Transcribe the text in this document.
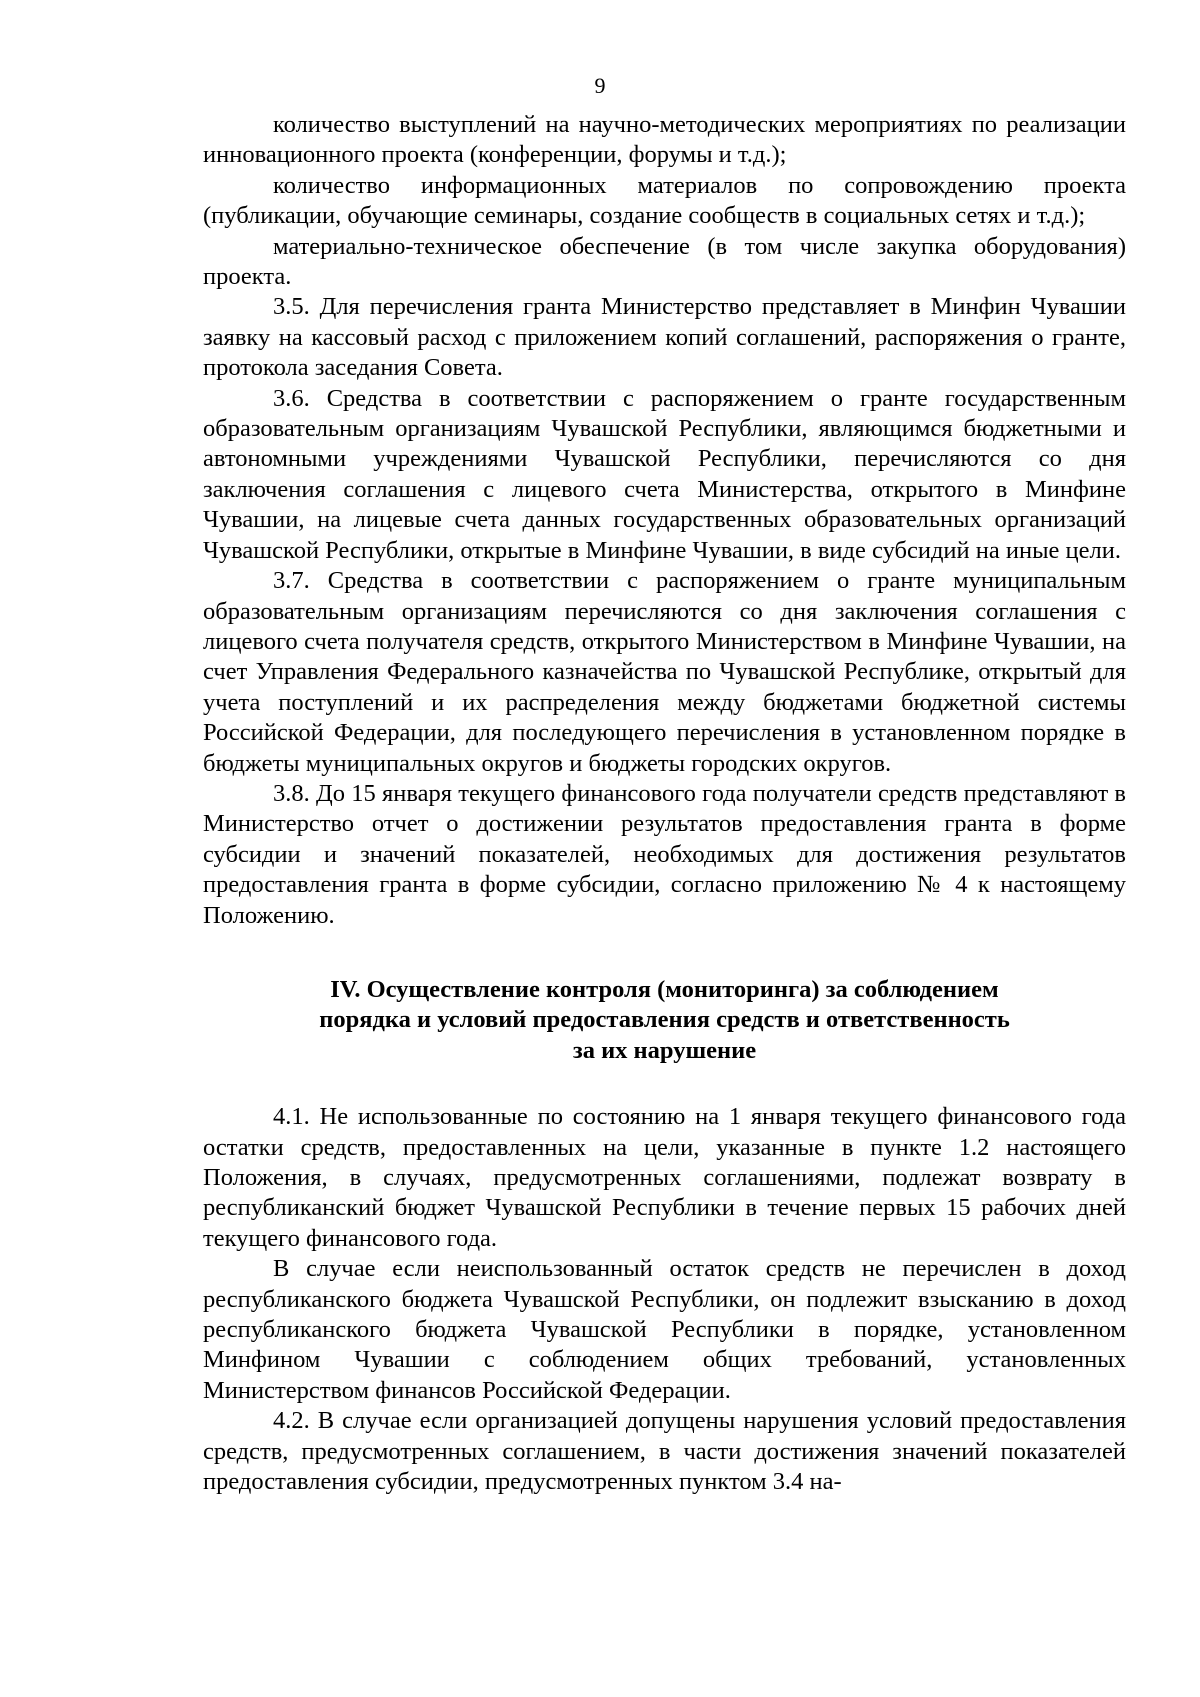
9

количество выступлений на научно-методических мероприятиях по реализации инновационного проекта (конференции, форумы и т.д.);

количество информационных материалов по сопровождению проекта (публикации, обучающие семинары, создание сообществ в социальных сетях и т.д.);

материально-техническое обеспечение (в том числе закупка оборудования) проекта.

3.5. Для перечисления гранта Министерство представляет в Минфин Чувашии заявку на кассовый расход с приложением копий соглашений, распоряжения о гранте, протокола заседания Совета.

3.6. Средства в соответствии с распоряжением о гранте государственным образовательным организациям Чувашской Республики, являющимся бюджетными и автономными учреждениями Чувашской Республики, перечисляются со дня заключения соглашения с лицевого счета Министерства, открытого в Минфине Чувашии, на лицевые счета данных государственных образовательных организаций Чувашской Республики, открытые в Минфине Чувашии, в виде субсидий на иные цели.

3.7. Средства в соответствии с распоряжением о гранте муниципальным образовательным организациям перечисляются со дня заключения соглашения с лицевого счета получателя средств, открытого Министерством в Минфине Чувашии, на счет Управления Федерального казначейства по Чувашской Республике, открытый для учета поступлений и их распределения между бюджетами бюджетной системы Российской Федерации, для последующего перечисления в установленном порядке в бюджеты муниципальных округов и бюджеты городских округов.

3.8. До 15 января текущего финансового года получатели средств представляют в Министерство отчет о достижении результатов предоставления гранта в форме субсидии и значений показателей, необходимых для достижения результатов предоставления гранта в форме субсидии, согласно приложению № 4 к настоящему Положению.

IV. Осуществление контроля (мониторинга) за соблюдением
порядка и условий предоставления средств и ответственность
за их нарушение

4.1. Не использованные по состоянию на 1 января текущего финансового года остатки средств, предоставленных на цели, указанные в пункте 1.2 настоящего Положения, в случаях, предусмотренных соглашениями, подлежат возврату в республиканский бюджет Чувашской Республики в течение первых 15 рабочих дней текущего финансового года.

В случае если неиспользованный остаток средств не перечислен в доход республиканского бюджета Чувашской Республики, он подлежит взысканию в доход республиканского бюджета Чувашской Республики в порядке, установленном Минфином Чувашии с соблюдением общих требований, установленных Министерством финансов Российской Федерации.

4.2. В случае если организацией допущены нарушения условий предоставления средств, предусмотренных соглашением, в части достижения значений показателей предоставления субсидии, предусмотренных пунктом 3.4 на-
